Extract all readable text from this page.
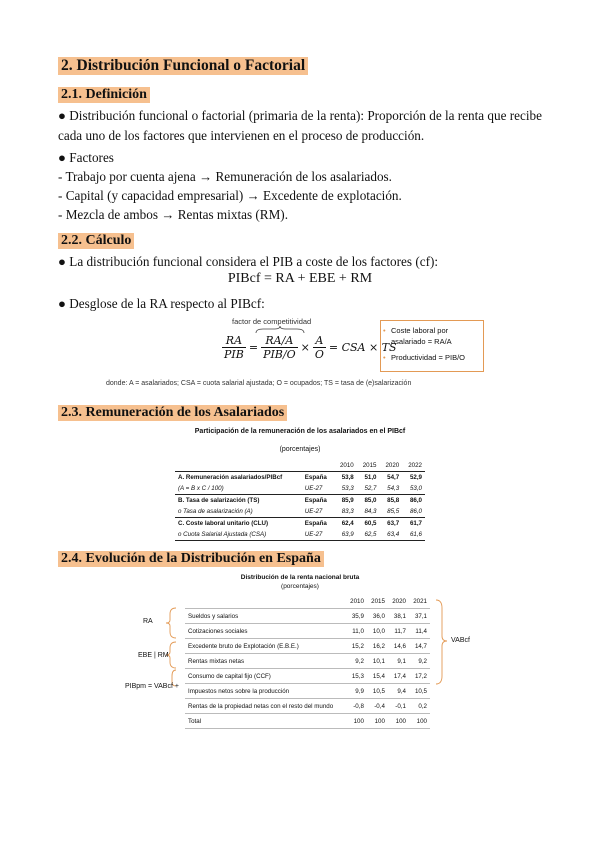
2. Distribución Funcional o Factorial
2.1. Definición
● Distribución funcional o factorial (primaria de la renta): Proporción de la renta que recibe cada uno de los factores que intervienen en el proceso de producción.
● Factores
- Trabajo por cuenta ajena → Remuneración de los asalariados.
- Capital (y capacidad empresarial) → Excedente de explotación.
- Mezcla de ambos → Rentas mixtas (RM).
2.2. Cálculo
● La distribución funcional considera el PIB a coste de los factores (cf):
PIBcf = RA + EBE + RM
● Desglose de la RA respecto al PIBcf:
factor de competitividad
$\frac{RA}{\text{PIB}} = \frac{RA/A}{\text{PIB/O}} \times \frac{A}{O}$ = CSA × TS
• Coste laboral por
asalariado = RA/A
• Productividad = PIB/O
donde: A = asalariados; CSA = cuota salarial ajustada; O = ocupados; TS = tasa de (e)salarización
2.3. Remuneración de los Asalariados
Participación de la remuneración de los asalariados en el PIBcf
(porcentajes)
		2010	2015	2020	2022
A. Remuneración asalariados/PIBcf	España	53,8	51,0	54,7	52,9
(A = B x C / 100)	UE-27	53,3	52,7	54,3	53,0
B. Tasa de salarización (TS)	España	85,9	85,0	85,8	86,0
o Tasa de asalarización (A)	UE-27	83,3	84,3	85,5	86,0
C. Coste laboral unitario (CLU)	España	62,4	60,5	63,7	61,7
o Cuota Salarial Ajustada (CSA)	UE-27	63,9	62,5	63,4	61,6
2.4. Evolución de la Distribución en España
Distribución de la renta nacional bruta
(porcentajes)
	2010	2015	2020	2021
Sueldos y salarios	35,9	36,0	38,1	37,1
Cotizaciones sociales	11,0	10,0	11,7	11,4
Excedente bruto de Explotación (E.B.E.)	15,2	16,2	14,6	14,7
Rentas mixtas netas	9,2	10,1	9,1	9,2
Consumo de capital fijo (CCF)	15,3	15,4	17,4	17,2
Impuestos netos sobre la producción	9,9	10,5	9,4	10,5
Rentas de la propiedad netas con el resto del mundo	-0,8	-0,4	-0,1	0,2
Total	100	100	100	100
RA
EBE | RM
PIBpm = VABcf +
VABcf
